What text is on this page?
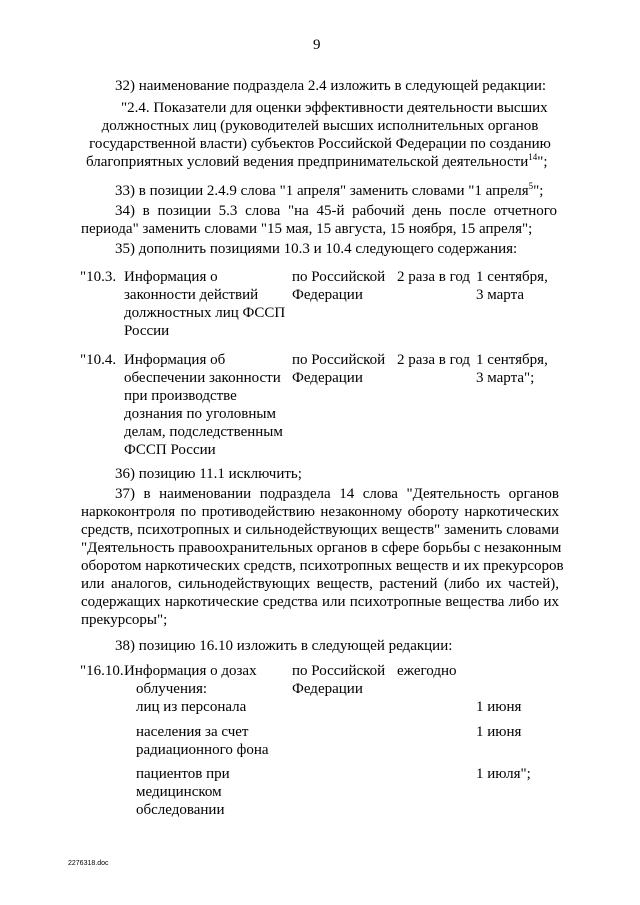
9
32) наименование подраздела 2.4 изложить в следующей редакции:
"2.4. Показатели для оценки эффективности деятельности высших
должностных лиц (руководителей высших исполнительных органов
государственной власти) субъектов Российской Федерации по созданию
благоприятных условий ведения предпринимательской деятельности$^{14}$";
33) в позиции 2.4.9 слова "1 апреля" заменить словами "1 апреля$^5$";
34) в позиции 5.3 слова "на 45-й рабочий день после отчетного
периода" заменить словами "15 мая, 15 августа, 15 ноября, 15 апреля";
35) дополнить позициями 10.3 и 10.4 следующего содержания:
"10.3. Информация о
законности действий
должностных лиц ФССП
России
по Российской
Федерации
2 раза в год 1 сентября,
3 марта
"10.4. Информация об
обеспечении законности
при производстве
дознания по уголовным
делам, подследственным
ФССП России
по Российской
Федерации
2 раза в год 1 сентября,
3 марта";
36) позицию 11.1 исключить;
37) в наименовании подраздела 14 слова "Деятельность органов
наркоконтроля по противодействию незаконному обороту наркотических
средств, психотропных и сильнодействующих веществ" заменить словами
"Деятельность правоохранительных органов в сфере борьбы с незаконным
оборотом наркотических средств, психотропных веществ и их прекурсоров
или аналогов, сильнодействующих веществ, растений (либо их частей),
содержащих наркотические средства или психотропные вещества либо их
прекурсоры";
38) позицию 16.10 изложить в следующей редакции:
"16.10. Информация о дозах
облучения:
по Российской
Федерации
ежегодно
лиц из персонала	1 июня
населения за счет
радиационного фона
1 июня
пациентов при
медицинском
обследовании
1 июля";
2276318.doc
